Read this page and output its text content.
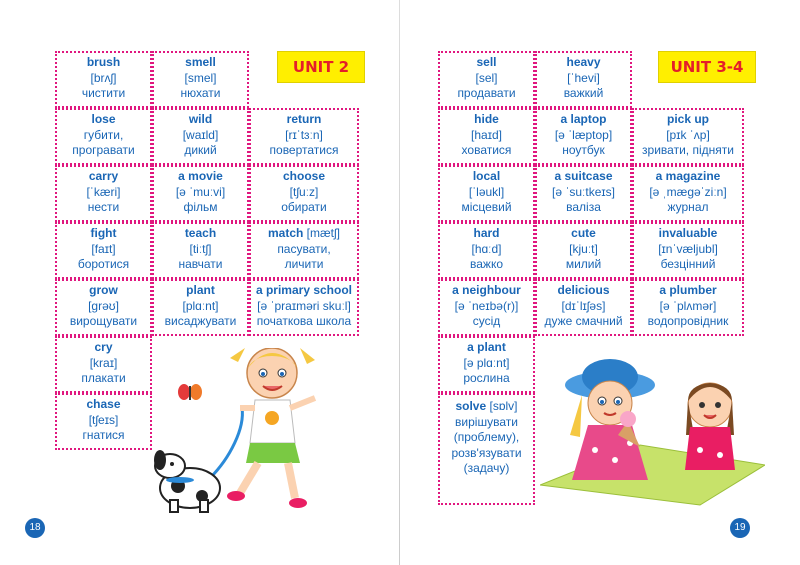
brush
[brʌʃ]
чистити
smell
[smel]
нюхати
UNIT 2
lose
губити,
програвати
wild
[waɪld]
дикий
return
[rɪˈtɜːn]
повертатися
carry
[ˈkæri]
нести
a movie
[ə ˈmuːvi]
фільм
choose
[tʃuːz]
обирати
fight
[faɪt]
боротися
teach
[tiːtʃ]
навчати
match [mætʃ]
пасувати,
личити
grow
[grəʊ]
вирощувати
plant
[plɑːnt]
висаджувати
a primary school
[ə ˈpraɪməri skuːl]
початкова школа
cry
[kraɪ]
плакати
chase
[tʃeɪs]
гнатися
18
sell
[sel]
продавати
heavy
[ˈhevi]
важкий
UNIT 3-4
hide
[haɪd]
ховатися
a laptop
[ə ˈlæptop]
ноутбук
pick up
[pɪk ˈʌp]
зривати, підняти
local
[ˈləukl]
місцевий
a suitcase
[ə ˈsuːtkeɪs]
валіза
a magazine
[ə ˌmægəˈziːn]
журнал
hard
[hɑːd]
важко
cute
[kjuːt]
милий
invaluable
[ɪnˈvæljubl]
безцінний
a neighbour
[ə ˈneɪbə(r)]
сусід
delicious
[dɪˈlɪʃəs]
дуже смачний
a plumber
[ə ˈplʌmər]
водопровідник
a plant
[ə plɑːnt]
рослина
solve [sɒlv]
вирішувати
(проблему),
розв'язувати
(задачу)
19
